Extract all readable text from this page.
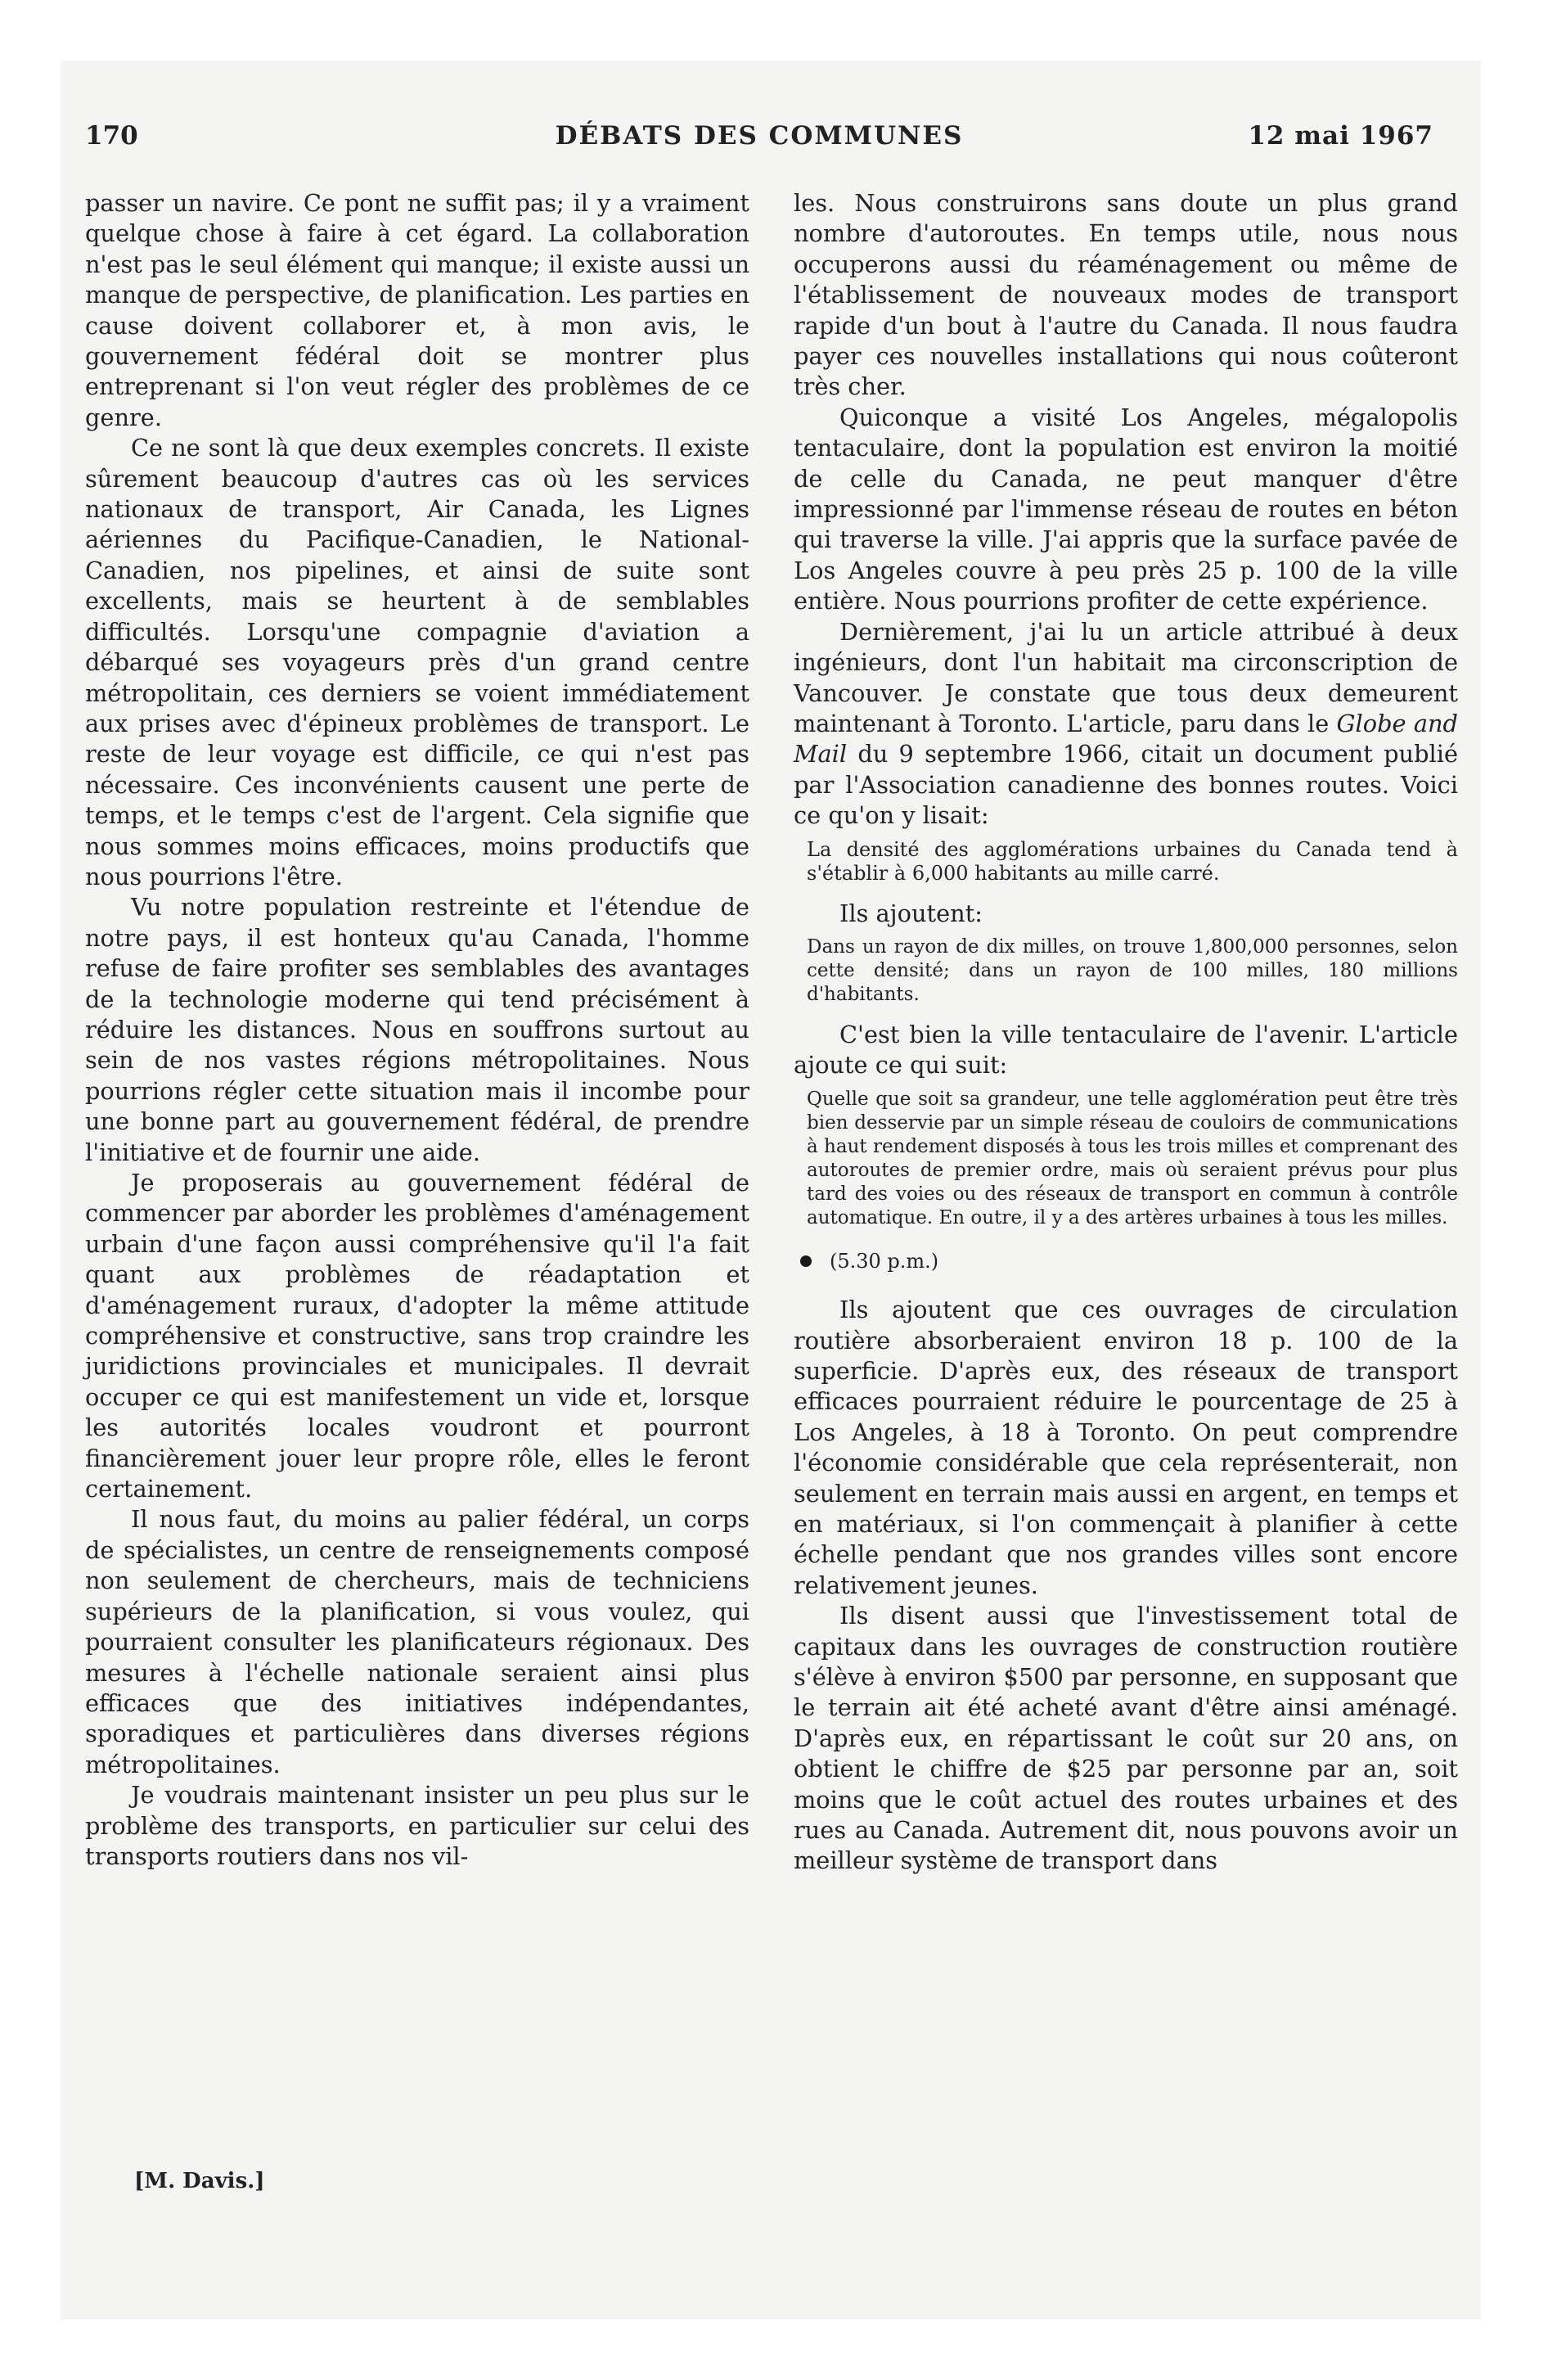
170	DÉBATS DES COMMUNES	12 mai 1967

passer un navire. Ce pont ne suffit pas; il y a vraiment quelque chose à faire à cet égard. La collaboration n'est pas le seul élément qui manque; il existe aussi un manque de perspective, de planification. Les parties en cause doivent collaborer et, à mon avis, le gouvernement fédéral doit se montrer plus entreprenant si l'on veut régler des problèmes de ce genre.

Ce ne sont là que deux exemples concrets. Il existe sûrement beaucoup d'autres cas où les services nationaux de transport, Air Canada, les Lignes aériennes du Pacifique-Canadien, le National-Canadien, nos pipelines, et ainsi de suite sont excellents, mais se heurtent à de semblables difficultés. Lorsqu'une compagnie d'aviation a débarqué ses voyageurs près d'un grand centre métropolitain, ces derniers se voient immédiatement aux prises avec d'épineux problèmes de transport. Le reste de leur voyage est difficile, ce qui n'est pas nécessaire. Ces inconvénients causent une perte de temps, et le temps c'est de l'argent. Cela signifie que nous sommes moins efficaces, moins productifs que nous pourrions l'être.

Vu notre population restreinte et l'étendue de notre pays, il est honteux qu'au Canada, l'homme refuse de faire profiter ses semblables des avantages de la technologie moderne qui tend précisément à réduire les distances. Nous en souffrons surtout au sein de nos vastes régions métropolitaines. Nous pourrions régler cette situation mais il incombe pour une bonne part au gouvernement fédéral, de prendre l'initiative et de fournir une aide.

Je proposerais au gouvernement fédéral de commencer par aborder les problèmes d'aménagement urbain d'une façon aussi compréhensive qu'il l'a fait quant aux problèmes de réadaptation et d'aménagement ruraux, d'adopter la même attitude compréhensive et constructive, sans trop craindre les juridictions provinciales et municipales. Il devrait occuper ce qui est manifestement un vide et, lorsque les autorités locales voudront et pourront financièrement jouer leur propre rôle, elles le feront certainement.

Il nous faut, du moins au palier fédéral, un corps de spécialistes, un centre de renseignements composé non seulement de chercheurs, mais de techniciens supérieurs de la planification, si vous voulez, qui pourraient consulter les planificateurs régionaux. Des mesures à l'échelle nationale seraient ainsi plus efficaces que des initiatives indépendantes, sporadiques et particulières dans diverses régions métropolitaines.

Je voudrais maintenant insister un peu plus sur le problème des transports, en particulier sur celui des transports routiers dans nos vil-

[M. Davis.]

les. Nous construirons sans doute un plus grand nombre d'autoroutes. En temps utile, nous nous occuperons aussi du réaménagement ou même de l'établissement de nouveaux modes de transport rapide d'un bout à l'autre du Canada. Il nous faudra payer ces nouvelles installations qui nous coûteront très cher.

Quiconque a visité Los Angeles, mégalopolis tentaculaire, dont la population est environ la moitié de celle du Canada, ne peut manquer d'être impressionné par l'immense réseau de routes en béton qui traverse la ville. J'ai appris que la surface pavée de Los Angeles couvre à peu près 25 p. 100 de la ville entière. Nous pourrions profiter de cette expérience.

Dernièrement, j'ai lu un article attribué à deux ingénieurs, dont l'un habitait ma circonscription de Vancouver. Je constate que tous deux demeurent maintenant à Toronto. L'article, paru dans le Globe and Mail du 9 septembre 1966, citait un document publié par l'Association canadienne des bonnes routes. Voici ce qu'on y lisait:

La densité des agglomérations urbaines du Canada tend à s'établir à 6,000 habitants au mille carré.

Ils ajoutent:

Dans un rayon de dix milles, on trouve 1,800,000 personnes, selon cette densité; dans un rayon de 100 milles, 180 millions d'habitants.

C'est bien la ville tentaculaire de l'avenir. L'article ajoute ce qui suit:

Quelle que soit sa grandeur, une telle agglomération peut être très bien desservie par un simple réseau de couloirs de communications à haut rendement disposés à tous les trois milles et comprenant des autoroutes de premier ordre, mais où seraient prévus pour plus tard des voies ou des réseaux de transport en commun à contrôle automatique. En outre, il y a des artères urbaines à tous les milles.
(5.30 p.m.)

Ils ajoutent que ces ouvrages de circulation routière absorberaient environ 18 p. 100 de la superficie. D'après eux, des réseaux de transport efficaces pourraient réduire le pourcentage de 25 à Los Angeles, à 18 à Toronto. On peut comprendre l'économie considérable que cela représenterait, non seulement en terrain mais aussi en argent, en temps et en matériaux, si l'on commençait à planifier à cette échelle pendant que nos grandes villes sont encore relativement jeunes.

Ils disent aussi que l'investissement total de capitaux dans les ouvrages de construction routière s'élève à environ $500 par personne, en supposant que le terrain ait été acheté avant d'être ainsi aménagé. D'après eux, en répartissant le coût sur 20 ans, on obtient le chiffre de $25 par personne par an, soit moins que le coût actuel des routes urbaines et des rues au Canada. Autrement dit, nous pouvons avoir un meilleur système de transport dans
